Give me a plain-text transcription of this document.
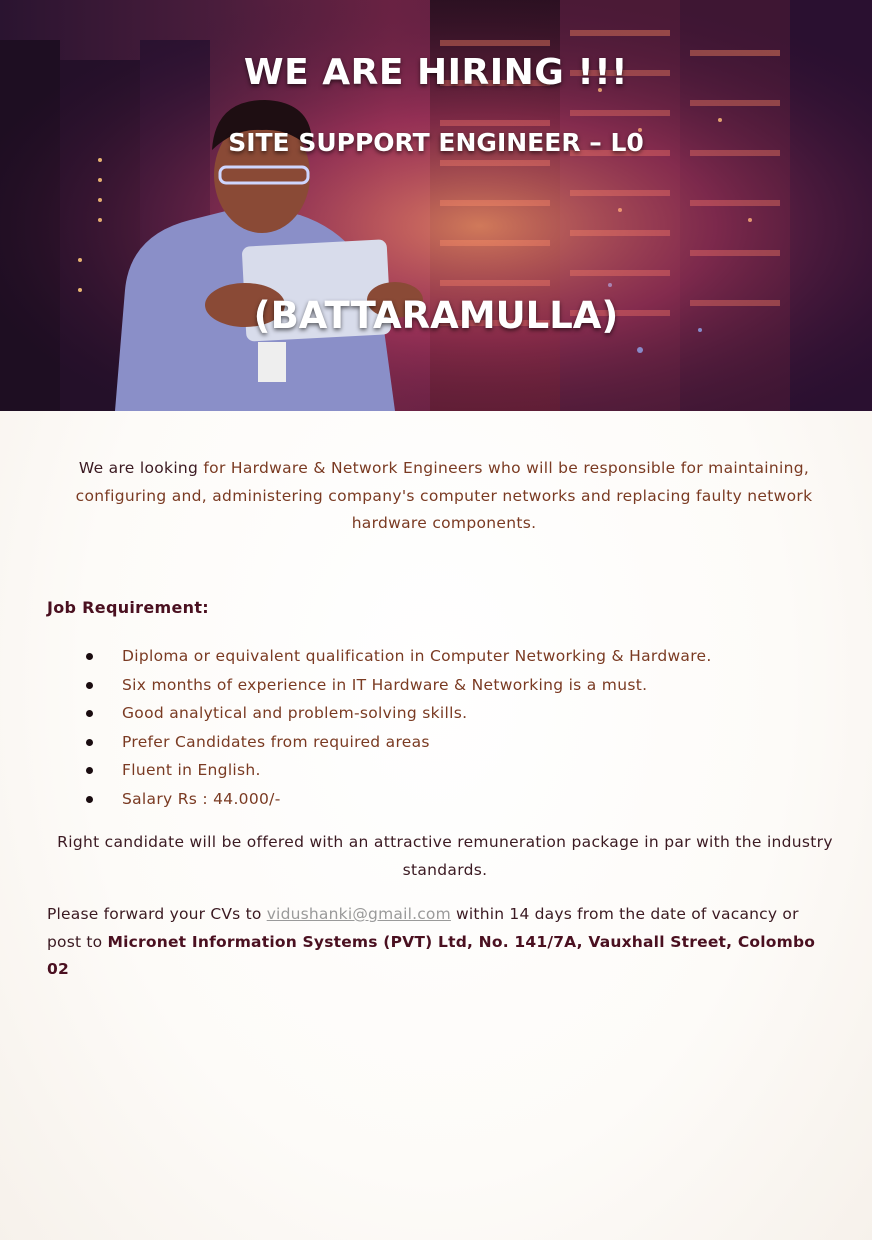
WE ARE HIRING !!!
SITE SUPPORT ENGINEER – L0
(BATTARAMULLA)
We are looking for Hardware & Network Engineers who will be responsible for maintaining, configuring and, administering company's computer networks and replacing faulty network hardware components.
Job Requirement:
Diploma or equivalent qualification in Computer Networking & Hardware.
Six months of experience in IT Hardware & Networking is a must.
Good analytical and problem-solving skills.
Prefer Candidates from required areas
Fluent in English.
Salary Rs : 44.000/-
Right candidate will be offered with an attractive remuneration package in par with the industry standards.
Please forward your CVs to vidushanki@gmail.com within 14 days from the date of vacancy or post to Micronet Information Systems (PVT) Ltd, No. 141/7A, Vauxhall Street, Colombo 02
